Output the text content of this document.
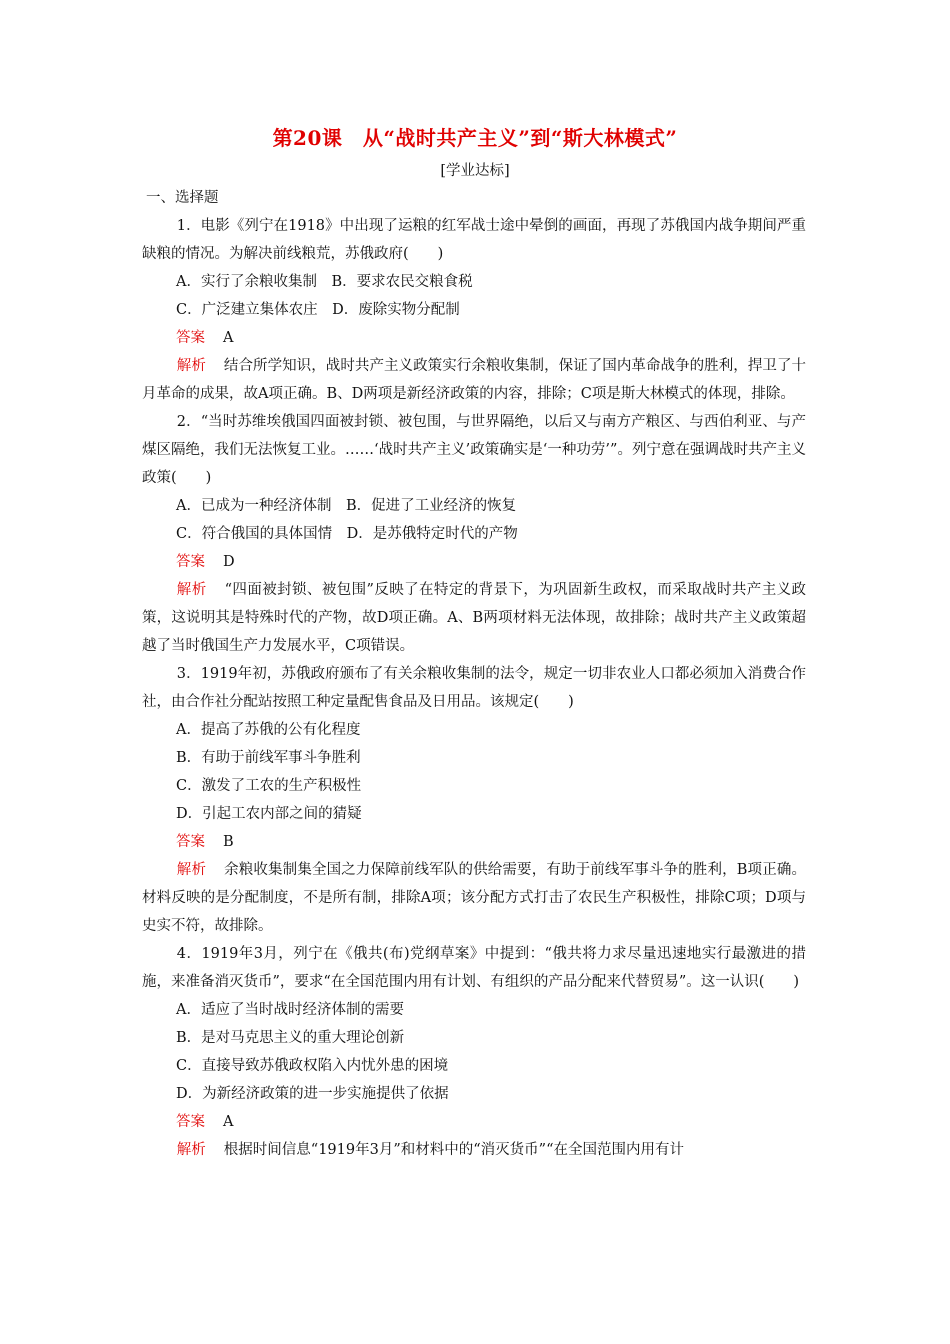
第20课　从“战时共产主义”到“斯大林模式”
[学业达标]

一、选择题

1．电影《列宁在1918》中出现了运粮的红军战士途中晕倒的画面，再现了苏俄国内战争期间严重缺粮的情况。为解决前线粮荒，苏俄政府(　　)

A．实行了余粮收集制　B．要求农民交粮食税

C．广泛建立集体农庄　D．废除实物分配制

答案 A

解析 结合所学知识，战时共产主义政策实行余粮收集制，保证了国内革命战争的胜利，捍卫了十月革命的成果，故A项正确。B、D两项是新经济政策的内容，排除；C项是斯大林模式的体现，排除。

2．“当时苏维埃俄国四面被封锁、被包围，与世界隔绝，以后又与南方产粮区、与西伯利亚、与产煤区隔绝，我们无法恢复工业。……‘战时共产主义’政策确实是‘一种功劳’”。列宁意在强调战时共产主义政策(　　)

A．已成为一种经济体制　B．促进了工业经济的恢复

C．符合俄国的具体国情　D．是苏俄特定时代的产物

答案 D

解析 “四面被封锁、被包围”反映了在特定的背景下，为巩固新生政权，而采取战时共产主义政策，这说明其是特殊时代的产物，故D项正确。A、B两项材料无法体现，故排除；战时共产主义政策超越了当时俄国生产力发展水平，C项错误。

3．1919年初，苏俄政府颁布了有关余粮收集制的法令，规定一切非农业人口都必须加入消费合作社，由合作社分配站按照工种定量配售食品及日用品。该规定(　　)

A．提高了苏俄的公有化程度

B．有助于前线军事斗争胜利

C．激发了工农的生产积极性

D．引起工农内部之间的猜疑

答案 B

解析 余粮收集制集全国之力保障前线军队的供给需要，有助于前线军事斗争的胜利，B项正确。材料反映的是分配制度，不是所有制，排除A项；该分配方式打击了农民生产积极性，排除C项；D项与史实不符，故排除。

4．1919年3月，列宁在《俄共(布)党纲草案》中提到：“俄共将力求尽量迅速地实行最激进的措施，来准备消灭货币”，要求“在全国范围内用有计划、有组织的产品分配来代替贸易”。这一认识(　　)

A．适应了当时战时经济体制的需要

B．是对马克思主义的重大理论创新

C．直接导致苏俄政权陷入内忧外患的困境

D．为新经济政策的进一步实施提供了依据

答案 A

解析 根据时间信息“1919年3月”和材料中的“消灭货币”“在全国范围内用有计
